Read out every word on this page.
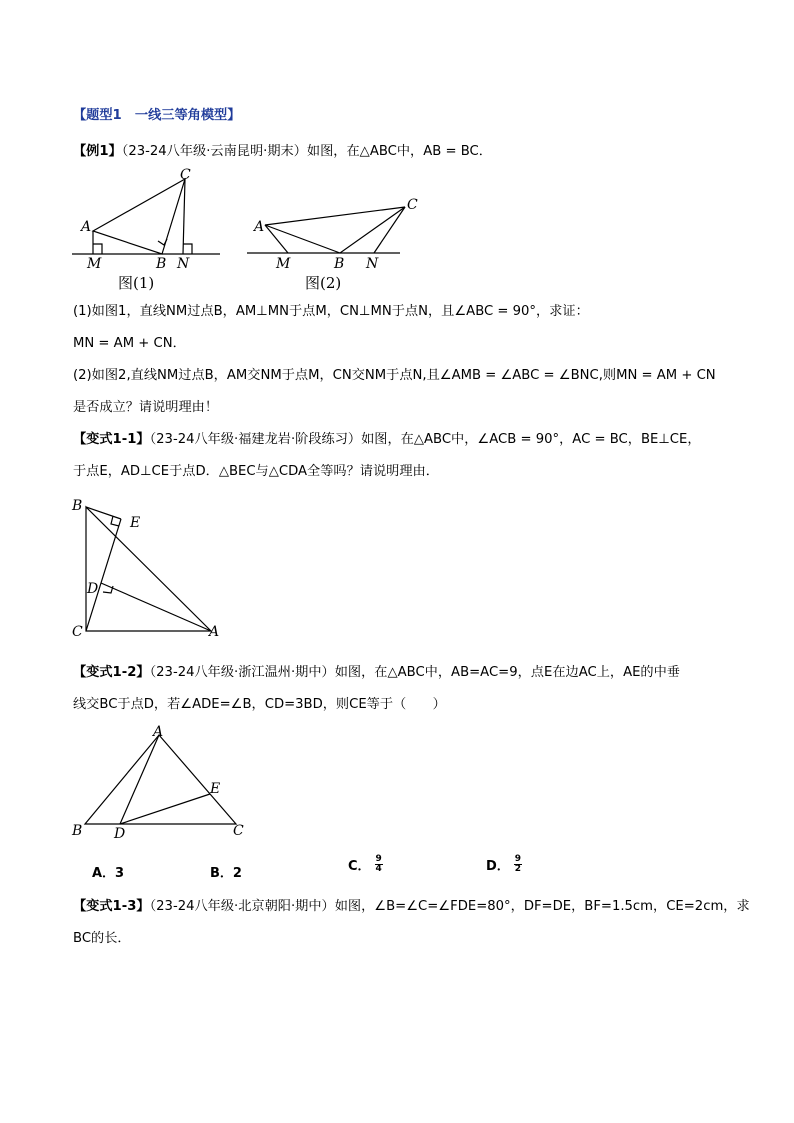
【题型1　一线三等角模型】
【例1】（23-24八年级·云南昆明·期末）如图，在△ABC中，AB = BC．
A
C
M	B N
图(1)
A
C
M	B N
图(2)
(1)如图1，直线NM过点B，AM⊥MN于点M，CN⊥MN于点N，且∠ABC = 90°，求证：
MN = AM + CN．
(2)如图2,直线NM过点B，AM交NM于点M，CN交NM于点N,且∠AMB = ∠ABC = ∠BNC,则MN = AM + CN
是否成立？请说明理由！
【变式1-1】（23-24八年级·福建龙岩·阶段练习）如图，在△ABC中，∠ACB = 90°，AC = BC，BE⊥CE，
于点E，AD⊥CE于点D．△BEC与△CDA全等吗？请说明理由．
B
E
D
C	A
【变式1-2】（23-24八年级·浙江温州·期中）如图，在△ABC中，AB=AC=9，点E在边AC上，AE的中垂
线交BC于点D，若∠ADE=∠B，CD=3BD，则CE等于（　　）
A
E
B D	C
A．3	B．2	C． $\frac{9}{4}$	D． $\frac{9}{2}$
【变式1-3】（23-24八年级·北京朝阳·期中）如图，∠B=∠C=∠FDE=80°，DF=DE，BF=1.5cm，CE=2cm，求
BC的长．
